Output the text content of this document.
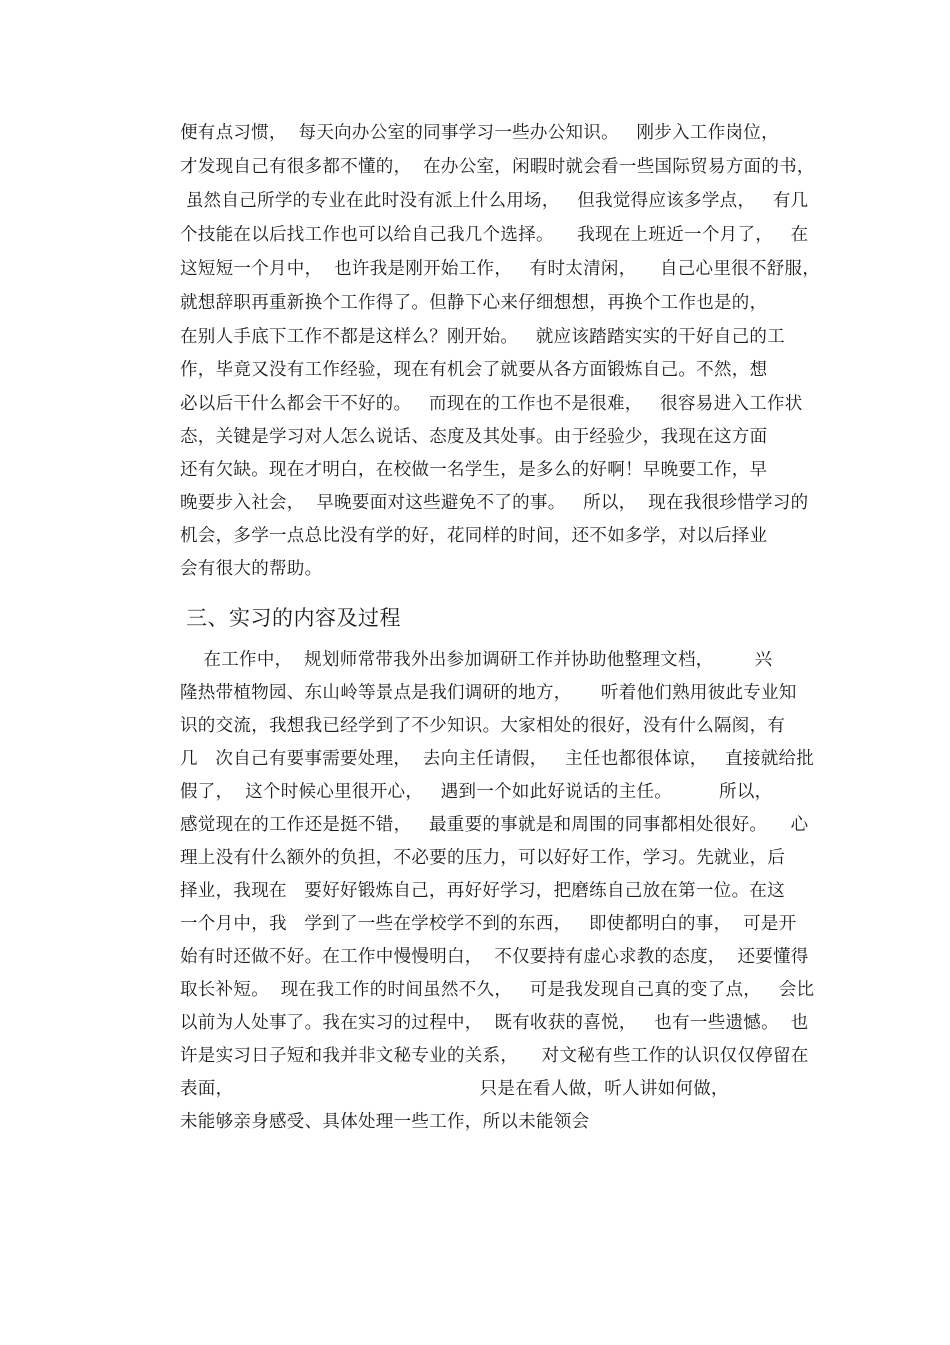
便有点习惯，  每天向办公室的同事学习一些办公知识。   刚步入工作岗位，
才发现自己有很多都不懂的，  在办公室，闲暇时就会看一些国际贸易方面的书，
虽然自己所学的专业在此时没有派上什么用场，   但我觉得应该多学点，   有几
个技能在以后找工作也可以给自己我几个选择。    我现在上班近一个月了，   在
这短短一个月中，  也许我是刚开始工作，   有时太清闲，    自己心里很不舒服，
就想辞职再重新换个工作得了。但静下心来仔细想想，再换个工作也是的，
在别人手底下工作不都是这样么？刚开始。   就应该踏踏实实的干好自己的工
作，毕竟又没有工作经验，现在有机会了就要从各方面锻炼自己。不然，想
必以后干什么都会干不好的。   而现在的工作也不是很难，   很容易进入工作状
态，关键是学习对人怎么说话、态度及其处事。由于经验少，我现在这方面
还有欠缺。现在才明白，在校做一名学生，是多么的好啊！早晚要工作，早
晚要步入社会，  早晚要面对这些避免不了的事。   所以，  现在我很珍惜学习的
机会，多学一点总比没有学的好，花同样的时间，还不如多学，对以后择业
会有很大的帮助。
三、实习的内容及过程
在工作中，  规划师常带我外出参加调研工作并协助他整理文档，       兴
隆热带植物园、东山岭等景点是我们调研的地方，     听着他们熟用彼此专业知
识的交流，我想我已经学到了不少知识。大家相处的很好，没有什么隔阂，有
几   次自己有要事需要处理，  去向主任请假，   主任也都很体谅，   直接就给批
假了，  这个时候心里很开心，   遇到一个如此好说话的主任。        所以，
感觉现在的工作还是挺不错，   最重要的事就是和周围的同事都相处很好。    心
理上没有什么额外的负担，不必要的压力，可以好好工作，学习。先就业，后
择业，我现在   要好好锻炼自己，再好好学习，把磨练自己放在第一位。在这
一个月中，我   学到了一些在学校学不到的东西，   即使都明白的事，  可是开
始有时还做不好。在工作中慢慢明白，  不仅要持有虚心求教的态度，  还要懂得
取长补短。  现在我工作的时间虽然不久，   可是我发现自己真的变了点，   会比
以前为人处事了。我在实习的过程中，  既有收获的喜悦，   也有一些遗憾。  也
许是实习日子短和我并非文秘专业的关系，    对文秘有些工作的认识仅仅停留在
表面，                                          只是在看人做，听人讲如何做，
未能够亲身感受、具体处理一些工作，所以未能领会
